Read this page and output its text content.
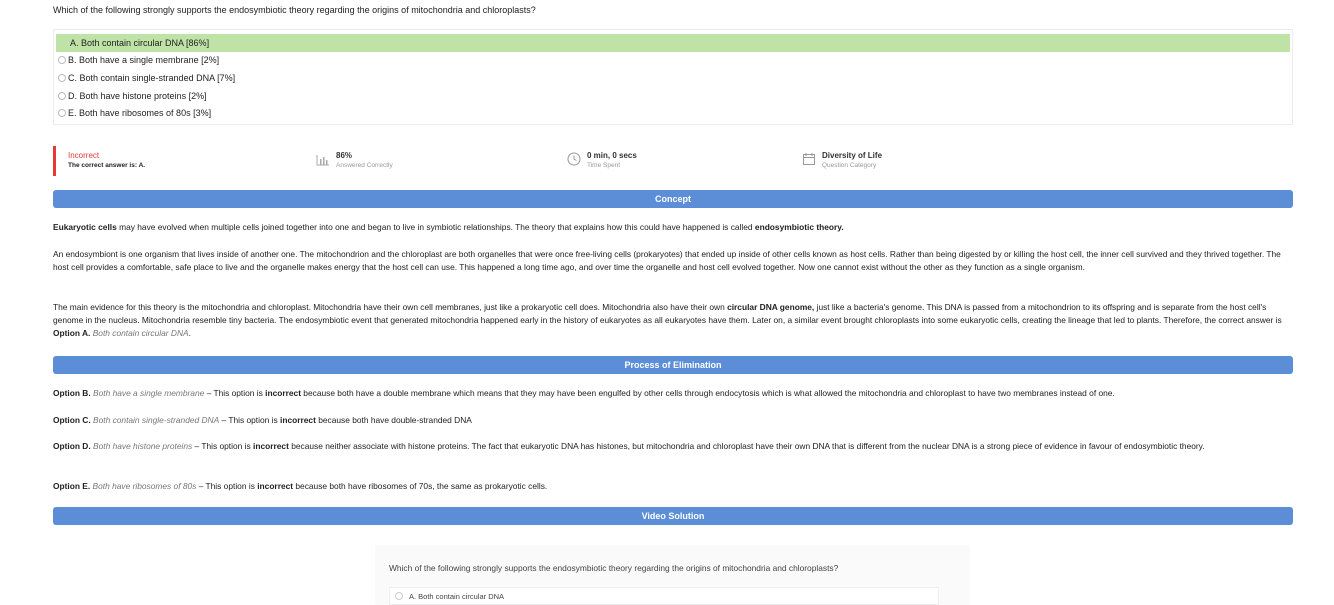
Which of the following strongly supports the endosymbiotic theory regarding the origins of mitochondria and chloroplasts?
A. Both contain circular DNA [86%]
B. Both have a single membrane [2%]
C. Both contain single-stranded DNA [7%]
D. Both have histone proteins [2%]
E. Both have ribosomes of 80s [3%]
Incorrect
The correct answer is: A.
86%
Answered Correctly
0 min, 0 secs
Time Spent
Diversity of Life
Question Category
Concept
Eukaryotic cells may have evolved when multiple cells joined together into one and began to live in symbiotic relationships. The theory that explains how this could have happened is called endosymbiotic theory.
An endosymbiont is one organism that lives inside of another one. The mitochondrion and the chloroplast are both organelles that were once free-living cells (prokaryotes) that ended up inside of other cells known as host cells. Rather than being digested by or killing the host cell, the inner cell survived and they thrived together. The host cell provides a comfortable, safe place to live and the organelle makes energy that the host cell can use. This happened a long time ago, and over time the organelle and host cell evolved together. Now one cannot exist without the other as they function as a single organism.
The main evidence for this theory is the mitochondria and chloroplast. Mitochondria have their own cell membranes, just like a prokaryotic cell does. Mitochondria also have their own circular DNA genome, just like a bacteria's genome. This DNA is passed from a mitochondrion to its offspring and is separate from the host cell's genome in the nucleus. Mitochondria resemble tiny bacteria. The endosymbiotic event that generated mitochondria happened early in the history of eukaryotes as all eukaryotes have them. Later on, a similar event brought chloroplasts into some eukaryotic cells, creating the lineage that led to plants. Therefore, the correct answer is Option A. Both contain circular DNA.
Process of Elimination
Option B. Both have a single membrane – This option is incorrect because both have a double membrane which means that they may have been engulfed by other cells through endocytosis which is what allowed the mitochondria and chloroplast to have two membranes instead of one.
Option C. Both contain single-stranded DNA – This option is incorrect because both have double-stranded DNA
Option D. Both have histone proteins – This option is incorrect because neither associate with histone proteins. The fact that eukaryotic DNA has histones, but mitochondria and chloroplast have their own DNA that is different from the nuclear DNA is a strong piece of evidence in favour of endosymbiotic theory.
Option E. Both have ribosomes of 80s – This option is incorrect because both have ribosomes of 70s, the same as prokaryotic cells.
Video Solution
Which of the following strongly supports the endosymbiotic theory regarding the origins of mitochondria and chloroplasts?
A. Both contain circular DNA
